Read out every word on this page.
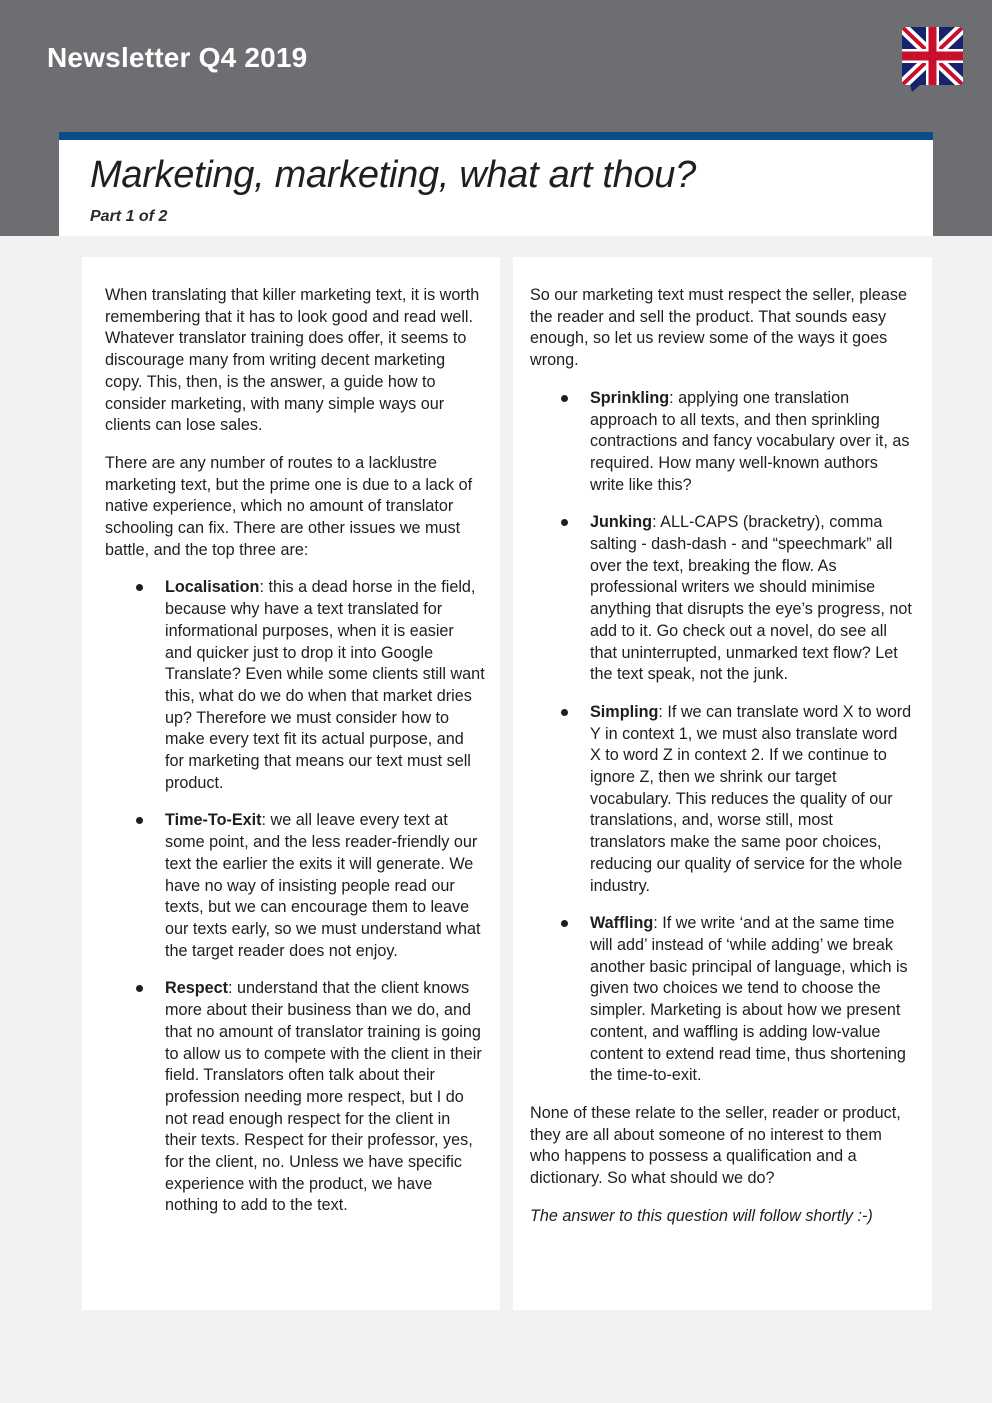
Newsletter Q4 2019
Marketing, marketing, what art thou?
Part 1 of 2

When translating that killer marketing text, it is worth remembering that it has to look good and read well. Whatever translator training does offer, it seems to discourage many from writing decent marketing copy. This, then, is the answer, a guide how to consider marketing, with many simple ways our clients can lose sales.

There are any number of routes to a lacklustre marketing text, but the prime one is due to a lack of native experience, which no amount of translator schooling can fix. There are other issues we must battle, and the top three are:

Localisation: this a dead horse in the field, because why have a text translated for informational purposes, when it is easier and quicker just to drop it into Google Translate? Even while some clients still want this, what do we do when that market dries up? Therefore we must consider how to make every text fit its actual purpose, and for marketing that means our text must sell product.
Time-To-Exit: we all leave every text at some point, and the less reader-friendly our text the earlier the exits it will generate. We have no way of insisting people read our texts, but we can encourage them to leave our texts early, so we must understand what the target reader does not enjoy.
Respect: understand that the client knows more about their business than we do, and that no amount of translator training is going to allow us to compete with the client in their field. Translators often talk about their profession needing more respect, but I do not read enough respect for the client in their texts. Respect for their professor, yes, for the client, no. Unless we have specific experience with the product, we have nothing to add to the text.

So our marketing text must respect the seller, please the reader and sell the product. That sounds easy enough, so let us review some of the ways it goes wrong.

Sprinkling: applying one translation approach to all texts, and then sprinkling contractions and fancy vocabulary over it, as required. How many well-known authors write like this?
Junking: ALL-CAPS (bracketry), comma salting - dash-dash - and “speechmark” all over the text, breaking the flow. As professional writers we should minimise anything that disrupts the eye’s progress, not add to it. Go check out a novel, do see all that uninterrupted, unmarked text flow? Let the text speak, not the junk.
Simpling: If we can translate word X to word Y in context 1, we must also translate word X to word Z in context 2. If we continue to ignore Z, then we shrink our target vocabulary. This reduces the quality of our translations, and, worse still, most translators make the same poor choices, reducing our quality of service for the whole industry.
Waffling: If we write ‘and at the same time will add’ instead of ‘while adding’ we break another basic principal of language, which is given two choices we tend to choose the simpler. Marketing is about how we present content, and waffling is adding low-value content to extend read time, thus shortening the time-to-exit.

None of these relate to the seller, reader or product, they are all about someone of no interest to them who happens to possess a qualification and a dictionary. So what should we do?

The answer to this question will follow shortly :-)
